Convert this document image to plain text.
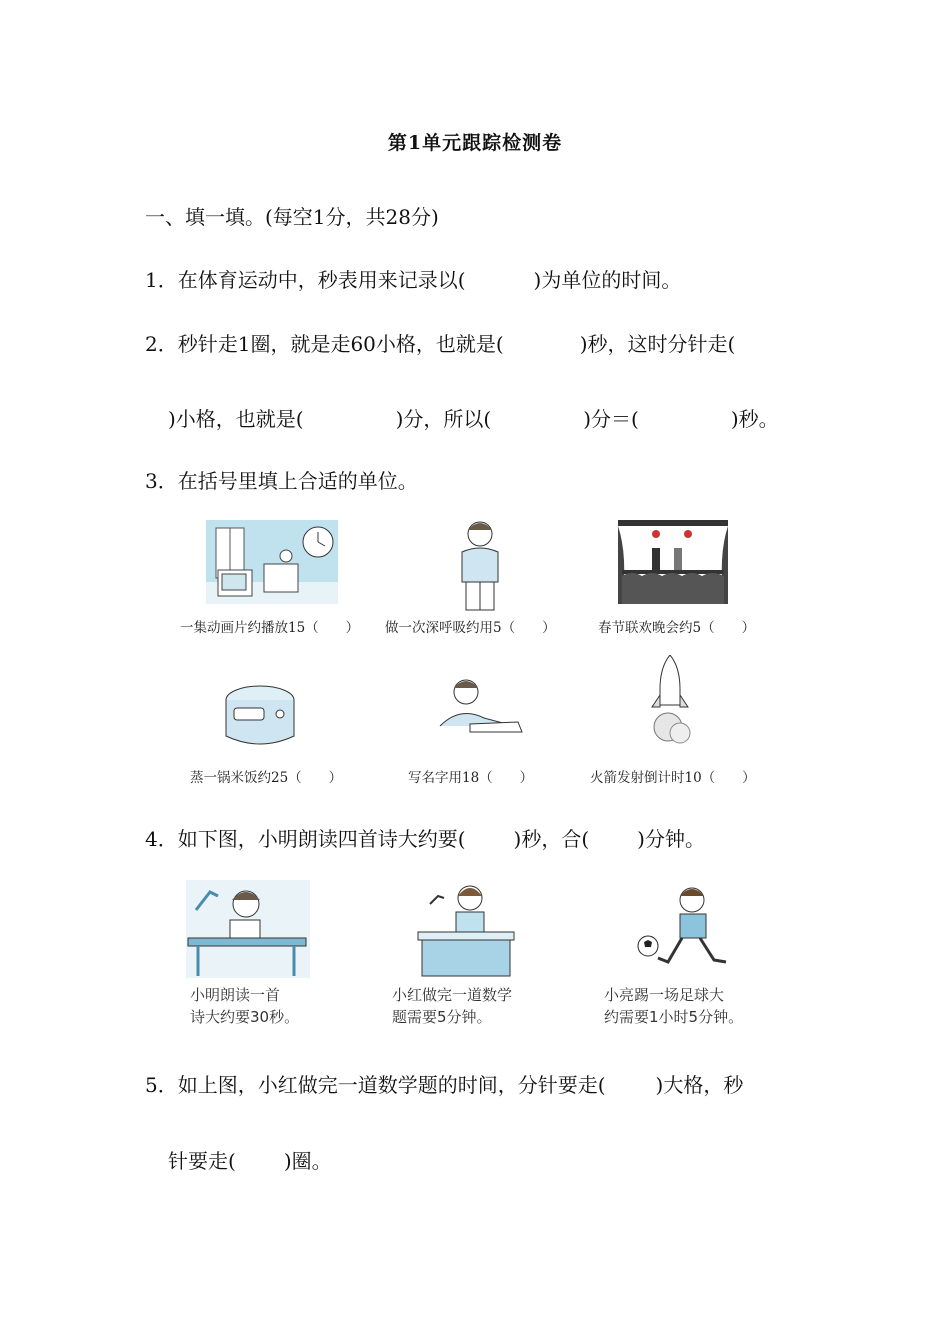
第1单元跟踪检测卷
一、填一填。(每空1分，共28分)
1．在体育运动中，秒表用来记录以(	)为单位的时间。
2．秒针走1圈，就是走60小格，也就是(	)秒，这时分针走(
)小格，也就是(	)分，所以(	)分＝(	)秒。
3．在括号里填上合适的单位。
一集动画片约播放15（　　） 做一次深呼吸约用5（　　）	春节联欢晚会约5（　　）
蒸一锅米饭约25（　　）	写名字用18（　　）	火箭发射倒计时10（　　）
4．如下图，小明朗读四首诗大约要( )秒，合( )分钟。
小明朗读一首
诗大约要30秒。
小红做完一道数学
题需要5分钟。
小亮踢一场足球大
约需要1小时5分钟。
5．如上图，小红做完一道数学题的时间，分针要走(	)大格，秒
针要走( )圈。
